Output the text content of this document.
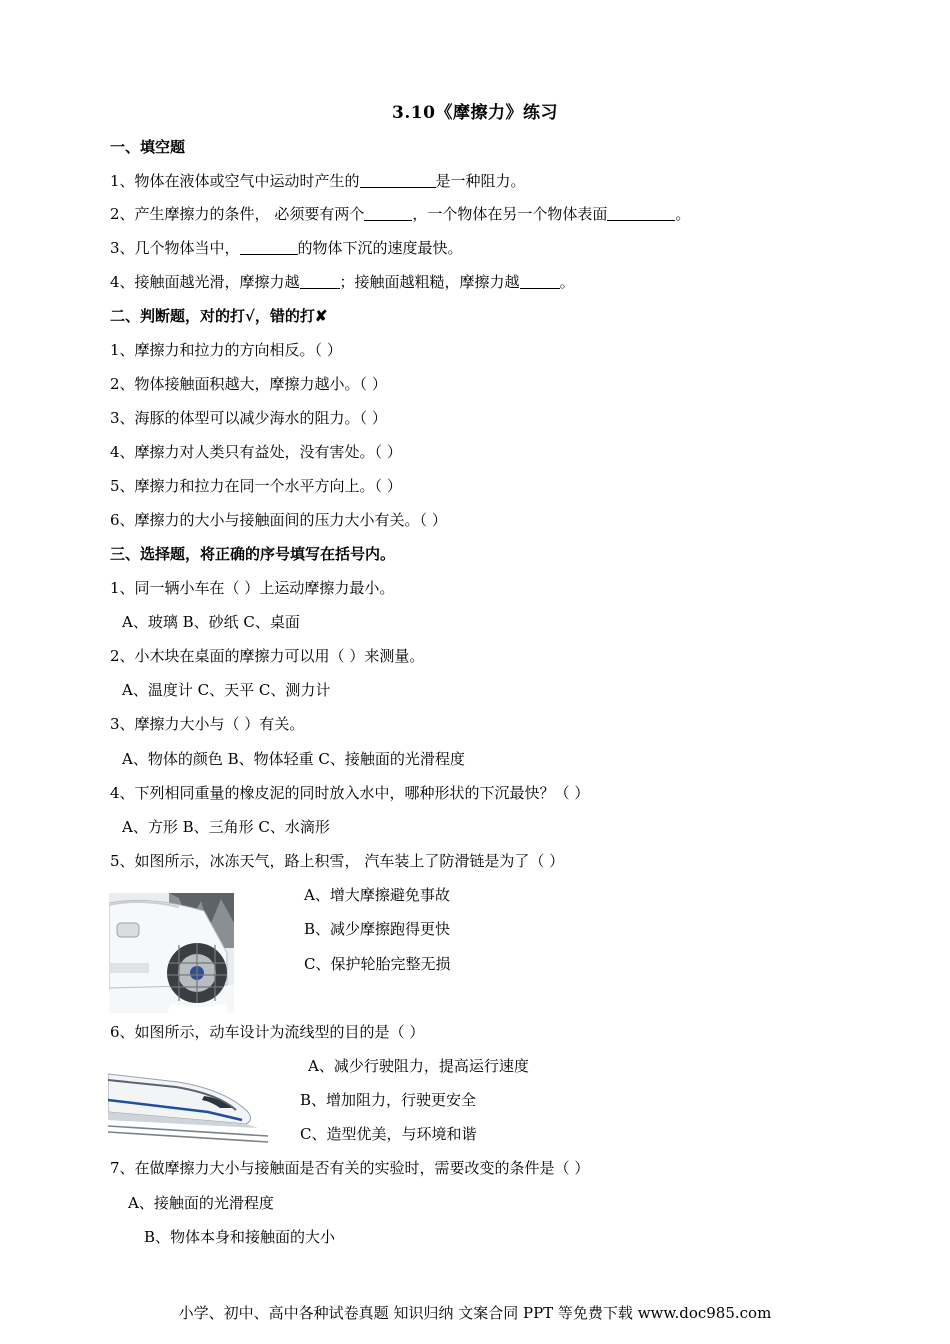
3.10《摩擦力》练习
一、填空题
1、物体在液体或空气中运动时产生的	是一种阻力。
2、产生摩擦力的条件， 必须要有两个	，一个物体在另一个物体表面	。
3、几个物体当中，	的物体下沉的速度最快。
4、接触面越光滑，摩擦力越	；接触面越粗糙，摩擦力越	。
二、判断题，对的打√，错的打✘
1、摩擦力和拉力的方向相反。（ ）
2、物体接触面积越大，摩擦力越小。（ ）
3、海豚的体型可以减少海水的阻力。（ ）
4、摩擦力对人类只有益处，没有害处。（ ）
5、摩擦力和拉力在同一个水平方向上。（ ）
6、摩擦力的大小与接触面间的压力大小有关。（ ）
三、选择题，将正确的序号填写在括号内。
1、同一辆小车在（ ）上运动摩擦力最小。
A、玻璃 B、砂纸 C、桌面
2、小木块在桌面的摩擦力可以用（ ）来测量。
A、温度计 C、天平 C、测力计
3、摩擦力大小与（ ）有关。
A、物体的颜色 B、物体轻重 C、接触面的光滑程度
4、下列相同重量的橡皮泥的同时放入水中，哪种形状的下沉最快？（ ）
A、方形 B、三角形 C、水滴形
5、如图所示，冰冻天气，路上积雪， 汽车装上了防滑链是为了（ ）
A、增大摩擦避免事故
B、减少摩擦跑得更快
C、保护轮胎完整无损
6、如图所示，动车设计为流线型的目的是（ ）
A、减少行驶阻力，提高运行速度
B、增加阻力，行驶更安全
C、造型优美，与环境和谐
7、在做摩擦力大小与接触面是否有关的实验时，需要改变的条件是（ ）
A、接触面的光滑程度
B、物体本身和接触面的大小
小学、初中、高中各种试卷真题 知识归纳 文案合同 PPT 等免费下载 www.doc985.com
